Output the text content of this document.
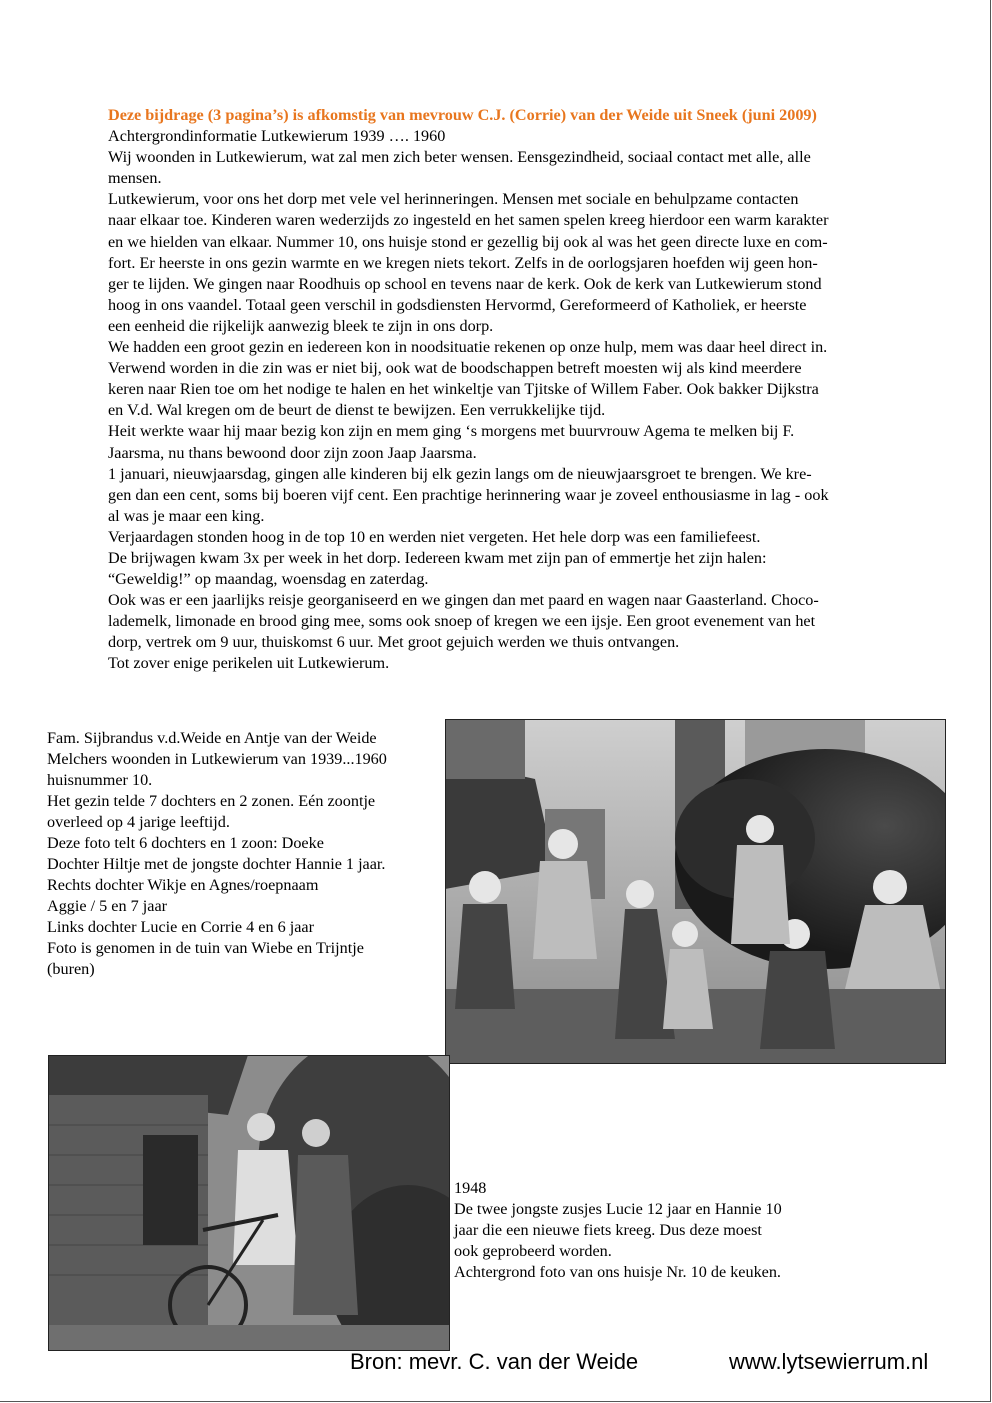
Deze bijdrage (3 pagina’s) is afkomstig van mevrouw C.J. (Corrie) van der Weide uit Sneek (juni 2009)
Achtergrondinformatie Lutkewierum 1939 …. 1960
Wij woonden in Lutkewierum, wat zal men zich beter wensen. Eensgezindheid, sociaal contact met alle, alle
mensen.
Lutkewierum, voor ons het dorp met vele vel herinneringen. Mensen met sociale en behulpzame contacten
naar elkaar toe. Kinderen waren wederzijds zo ingesteld en het samen spelen kreeg hierdoor een warm karakter
en we hielden van elkaar. Nummer 10, ons huisje stond er gezellig bij ook al was het geen directe luxe en com-
fort. Er heerste in ons gezin warmte en we kregen niets tekort. Zelfs in de oorlogsjaren hoefden wij geen hon-
ger te lijden. We gingen naar Roodhuis op school en tevens naar de kerk. Ook de kerk van Lutkewierum stond
hoog in ons vaandel. Totaal geen verschil in godsdiensten Hervormd, Gereformeerd of Katholiek, er heerste
een eenheid die rijkelijk aanwezig bleek te zijn in ons dorp.
We hadden een groot gezin en iedereen kon in noodsituatie rekenen op onze hulp, mem was daar heel direct in.
Verwend worden in die zin was er niet bij, ook wat de boodschappen betreft moesten wij als kind meerdere
keren naar Rien toe om het nodige te halen en het winkeltje van Tjitske of Willem Faber. Ook bakker Dijkstra
en V.d. Wal kregen om de beurt de dienst te bewijzen. Een verrukkelijke tijd.
Heit werkte waar hij maar bezig kon zijn en mem ging ‘s morgens met buurvrouw Agema te melken bij F.
Jaarsma, nu thans bewoond door zijn zoon Jaap Jaarsma.
1 januari, nieuwjaarsdag, gingen alle kinderen bij elk gezin langs om de nieuwjaarsgroet te brengen. We kre-
gen dan een cent, soms bij boeren vijf cent. Een prachtige herinnering waar je zoveel enthousiasme in lag - ook
al was je maar een king.
Verjaardagen stonden hoog in de top 10 en werden niet vergeten. Het hele dorp was een familiefeest.
De brijwagen kwam 3x per week in het dorp. Iedereen kwam met zijn pan of emmertje het zijn halen:
“Geweldig!” op maandag, woensdag en zaterdag.
Ook was er een jaarlijks reisje georganiseerd en we gingen dan met paard en wagen naar Gaasterland. Choco-
lademelk, limonade en brood ging mee, soms ook snoep of kregen we een ijsje. Een groot evenement van het
dorp, vertrek om 9 uur, thuiskomst 6 uur. Met groot gejuich werden we thuis ontvangen.
Tot zover enige perikelen uit Lutkewierum.
Fam. Sijbrandus v.d.Weide en Antje van der Weide
Melchers woonden in Lutkewierum van 1939...1960
huisnummer 10.
Het gezin telde 7 dochters en 2 zonen. Eén zoontje
overleed op 4 jarige leeftijd.
Deze foto telt 6 dochters en 1 zoon: Doeke
Dochter Hiltje met de jongste dochter Hannie 1 jaar.
Rechts dochter Wikje en Agnes/roepnaam
Aggie / 5 en 7 jaar
Links dochter Lucie en Corrie 4 en 6 jaar
Foto is genomen in de tuin van Wiebe en Trijntje
(buren)
1948
De twee jongste zusjes Lucie 12 jaar en Hannie 10
jaar die een nieuwe fiets kreeg. Dus deze moest
ook geprobeerd worden.
Achtergrond foto van ons huisje Nr. 10 de keuken.
Bron: mevr. C. van der Weide	www.lytsewierrum.nl
